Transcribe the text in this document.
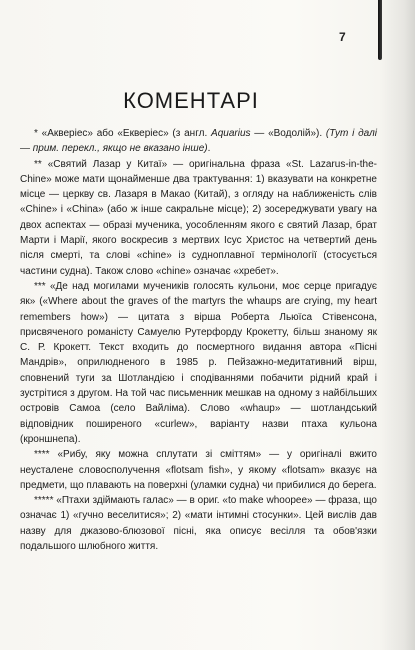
7
КОМЕНТАРІ

* «Акверіес» або «Екверіес» (з англ. Aquarius — «Водолій»). (Тут і далі — прим. перекл., якщо не вказано інше).

** «Святий Лазар у Китаї» — оригінальна фраза «St. Lazarus-in-the-Chine» може мати щонайменше два трактування: 1) вказувати на конкретне місце — церкву св. Лазаря в Макао (Китай), з огляду на наближеність слів «Chine» і «China» (або ж інше сакральне місце); 2) зосереджувати увагу на двох аспектах — образі мученика, уособленням якого є святий Лазар, брат Марти і Марії, якого воскресив з мертвих Ісус Христос на четвертий день після смерті, та слові «chine» із судноплавної термінології (стосується частини судна). Також слово «chine» означає «хребет».

*** «Де над могилами мучеників голосять кульони, моє серце пригадує як» («Where about the graves of the martyrs the whaups are crying, my heart remembers how») — цитата з вірша Роберта Льюїса Стівенсона, присвяченого романісту Самуелю Рутерфорду Крокетту, більш знаному як С. Р. Крокетт. Текст входить до посмертного видання автора «Пісні Мандрів», оприлюдненого в 1985 р. Пейзажно-медитативний вірш, сповнений туги за Шотландією і сподіваннями побачити рідний край і зустрітися з другом. На той час письменник мешкав на одному з найбільших островів Самоа (село Вайліма). Слово «whaup» — шотландський відповідник поширеного «curlew», варіанту назви птаха кульона (кроншнепа).

**** «Рибу, яку можна сплутати зі сміттям» — у оригіналі вжито неусталене словосполучення «flotsam fish», у якому «flotsam» вказує на предмети, що плавають на поверхні (уламки судна) чи прибилися до берега.

***** «Птахи здіймають галас» — в ориг. «to make whoopee» — фраза, що означає 1) «гучно веселитися»; 2) «мати інтимні стосунки». Цей вислів дав назву для джазово-блюзової пісні, яка описує весілля та обов'язки подальшого шлюбного життя.
